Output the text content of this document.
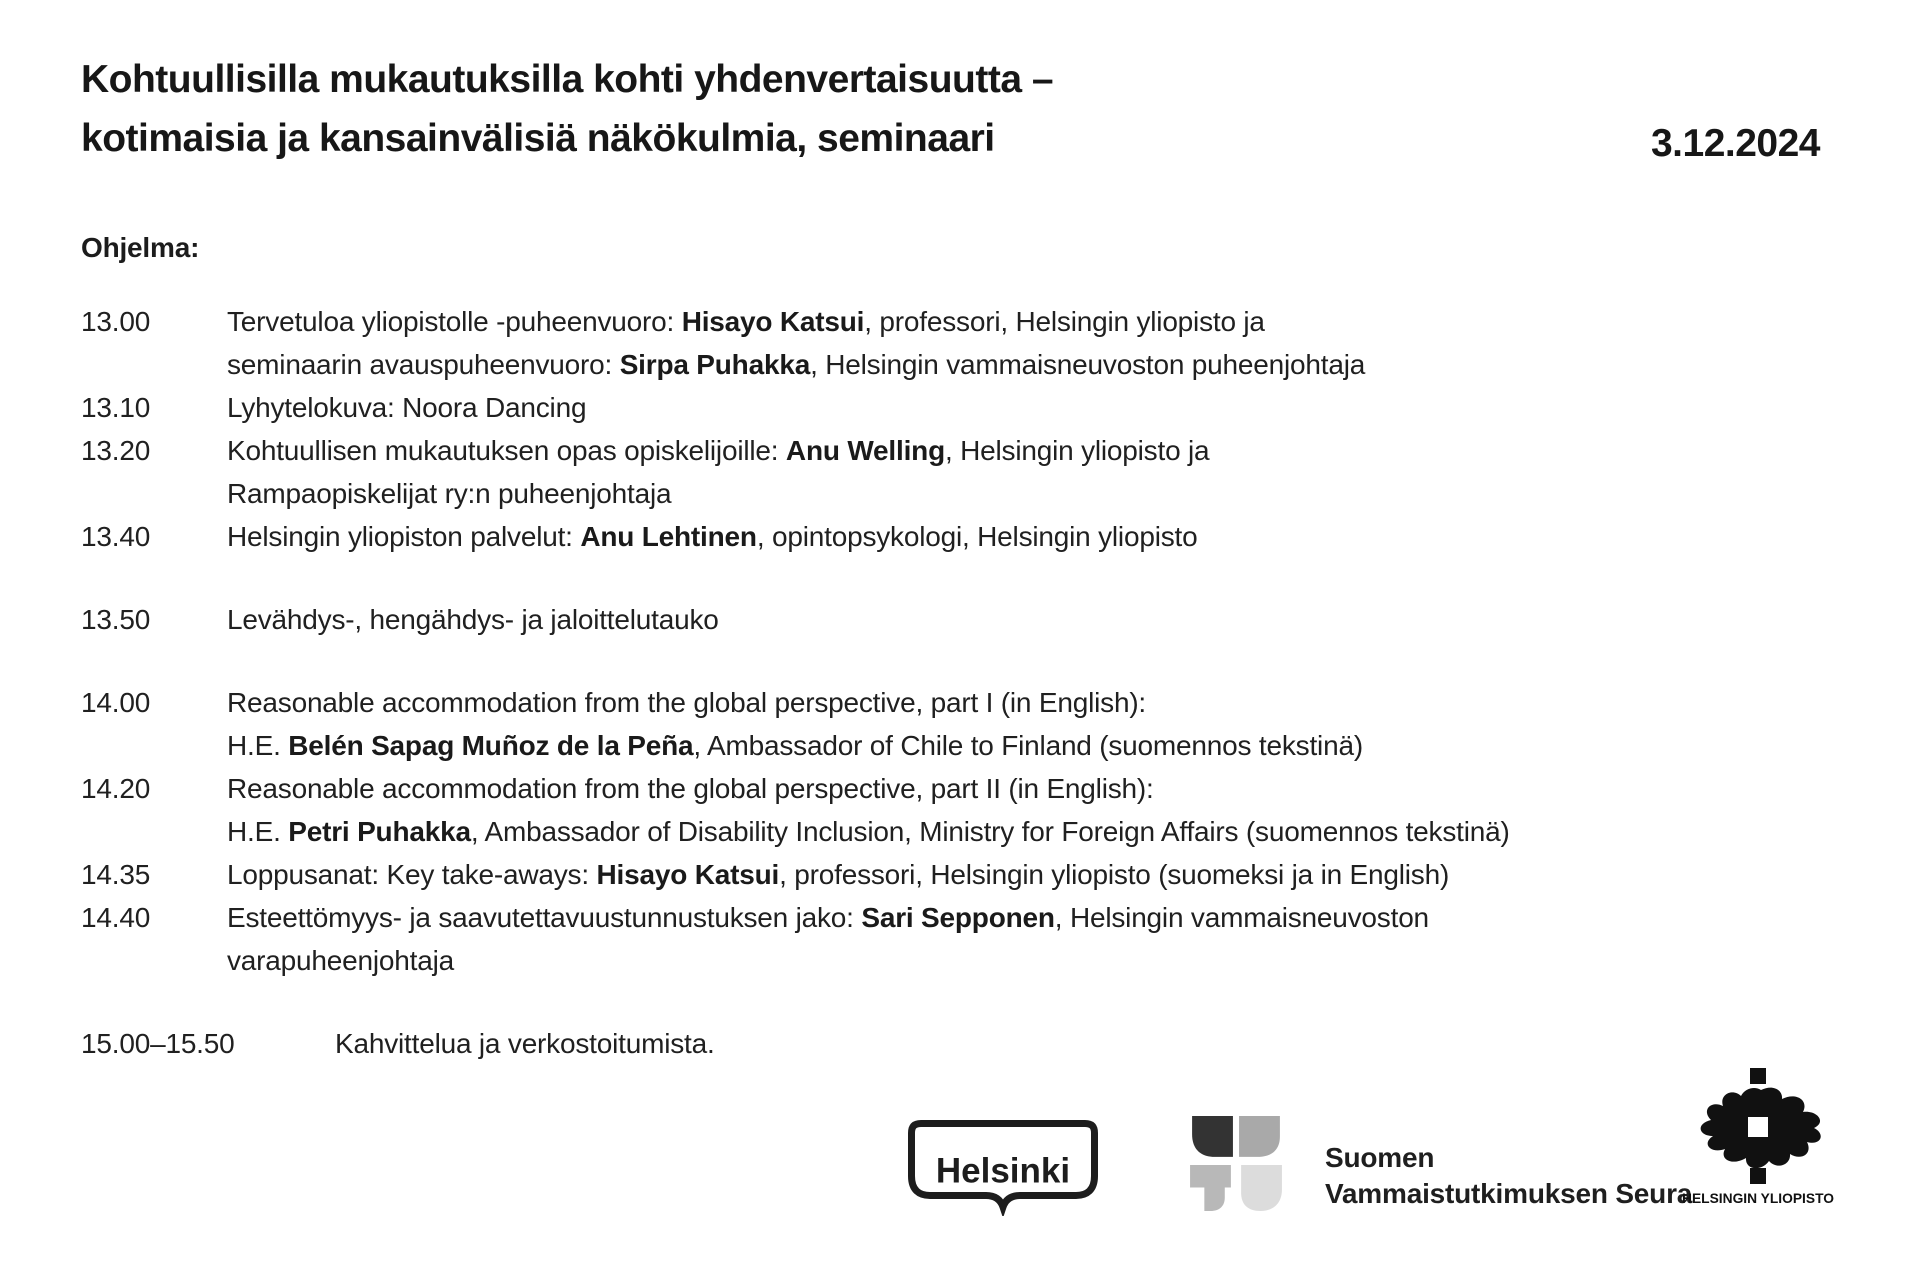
Kohtuullisilla mukautuksilla kohti yhdenvertaisuutta –
kotimaisia ja kansainvälisiä näkökulmia, seminaari	3.12.2024
Ohjelma:
13.00	Tervetuloa yliopistolle -puheenvuoro: Hisayo Katsui, professori, Helsingin yliopisto ja
seminaarin avauspuheenvuoro: Sirpa Puhakka, Helsingin vammaisneuvoston puheenjohtaja
13.10	Lyhytelokuva: Noora Dancing
13.20	Kohtuullisen mukautuksen opas opiskelijoille: Anu Welling, Helsingin yliopisto ja
Rampaopiskelijat ry:n puheenjohtaja
13.40	Helsingin yliopiston palvelut: Anu Lehtinen, opintopsykologi, Helsingin yliopisto
13.50	Levähdys-, hengähdys- ja jaloittelutauko
14.00	Reasonable accommodation from the global perspective, part I (in English):
H.E. Belén Sapag Muñoz de la Peña, Ambassador of Chile to Finland (suomennos tekstinä)
14.20	Reasonable accommodation from the global perspective, part II (in English):
H.E. Petri Puhakka, Ambassador of Disability Inclusion, Ministry for Foreign Affairs (suomennos tekstinä)
14.35	Loppusanat: Key take-aways: Hisayo Katsui, professori, Helsingin yliopisto (suomeksi ja in English)
14.40	Esteettömyys- ja saavutettavuustunnustuksen jako: Sari Sepponen, Helsingin vammaisneuvoston
varapuheenjohtaja
15.00–15.50	Kahvittelua ja verkostoitumista.
Helsinki	Suomen
Vammaistutkimuksen Seura
HELSINGIN YLIOPISTO
